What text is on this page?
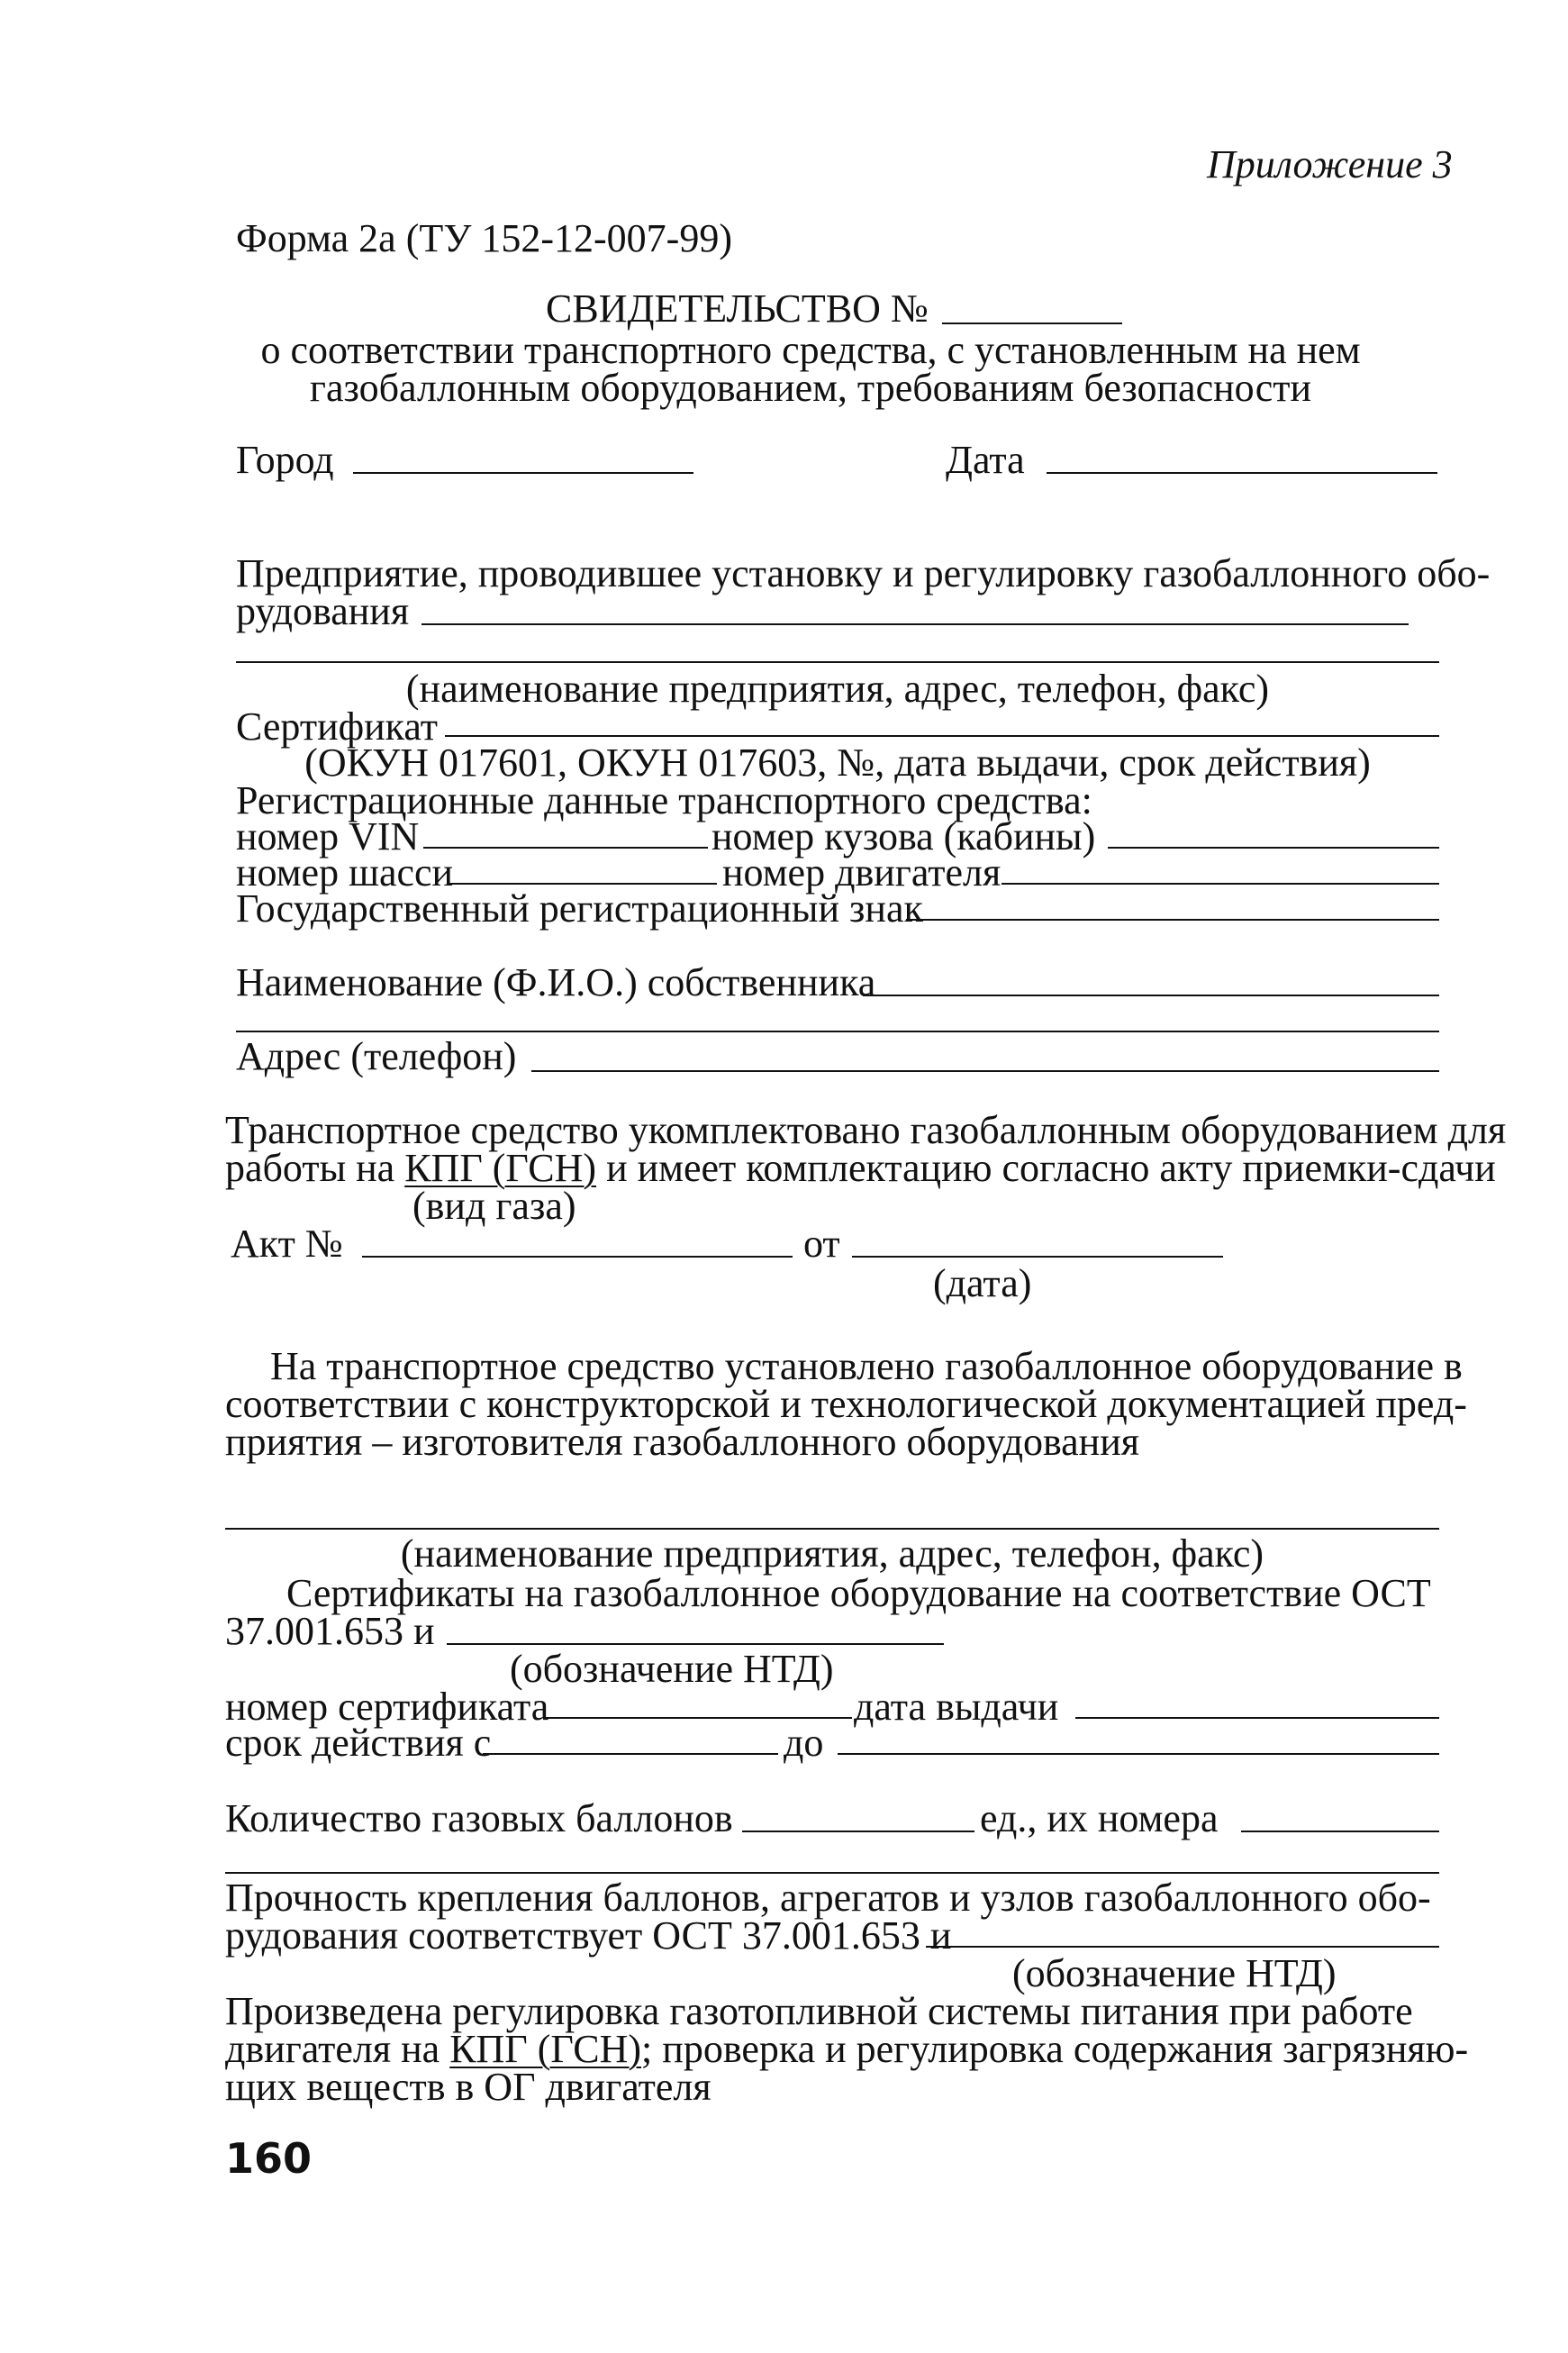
Приложение 3
Форма 2а (ТУ 152-12-007-99)
СВИДЕТЕЛЬСТВО №
о соответствии транспортного средства, с установленным на нем
газобаллонным оборудованием, требованиям безопасности
Город	Дата
Предприятие, проводившее установку и регулировку газобаллонного обо-
рудования
(наименование предприятия, адрес, телефон, факс)
Сертификат
(ОКУН 017601, ОКУН 017603, №, дата выдачи, срок действия)
Регистрационные данные транспортного средства:
номер VIN	номер кузова (кабины)
номер шасси	номер двигателя
Государственный регистрационный знак
Наименование (Ф.И.О.) собственника
Адрес (телефон)
Транспортное средство укомплектовано газобаллонным оборудованием для
работы на КПГ (ГСН) и имеет комплектацию согласно акту приемки-сдачи
(вид газа)
Акт №	от
(дата)
На транспортное средство установлено газобаллонное оборудование в
соответствии с конструкторской и технологической документацией пред-
приятия – изготовителя газобаллонного оборудования
(наименование предприятия, адрес, телефон, факс)
Сертификаты на газобаллонное оборудование на соответствие ОСТ
37.001.653 и
(обозначение НТД)
номер сертификата	дата выдачи
срок действия с	до
Количество газовых баллонов	ед., их номера
Прочность крепления баллонов, агрегатов и узлов газобаллонного обо-
рудования соответствует ОСТ 37.001.653 и
(обозначение НТД)
Произведена регулировка газотопливной системы питания при работе
двигателя на КПГ (ГСН); проверка и регулировка содержания загрязняю-
щих веществ в ОГ двигателя
160
